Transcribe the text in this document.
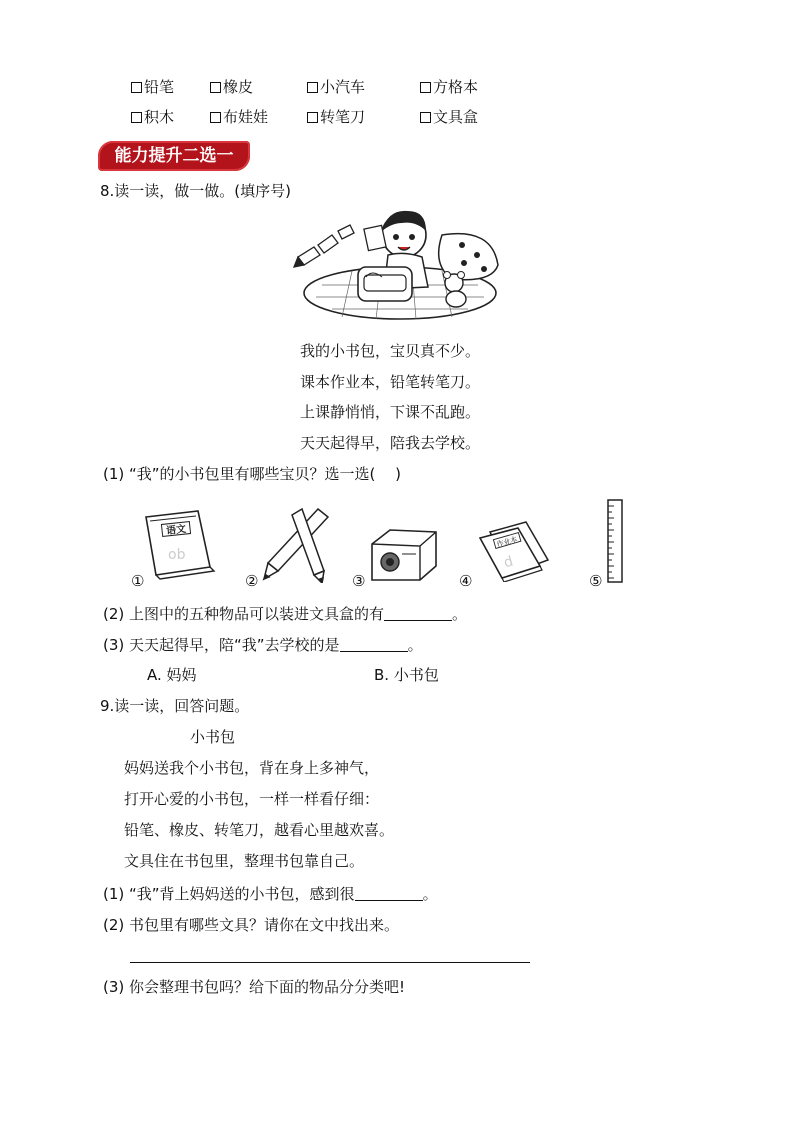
铅笔	橡皮	小汽车	方格本
积木	布娃娃	转笔刀	文具盒
能力提升二选一
8.读一读，做一做。(填序号)
我的小书包，宝贝真不少。
课本作业本，铅笔转笔刀。
上课静悄悄，下课不乱跑。
天天起得早，陪我去学校。
(1) “我”的小书包里有哪些宝贝？选一选(　 )
语文
ob
①	②	③
作业本
d
④	⑤
(2) 上图中的五种物品可以装进文具盒的有	。
(3) 天天起得早，陪“我”去学校的是	。
A. 妈妈	B. 小书包
9.读一读，回答问题。
小书包
妈妈送我个小书包，背在身上多神气，
打开心爱的小书包，一样一样看仔细：
铅笔、橡皮、转笔刀，越看心里越欢喜。
文具住在书包里，整理书包靠自己。
(1) “我”背上妈妈送的小书包，感到很	。
(2) 书包里有哪些文具？请你在文中找出来。
(3) 你会整理书包吗？给下面的物品分分类吧!
